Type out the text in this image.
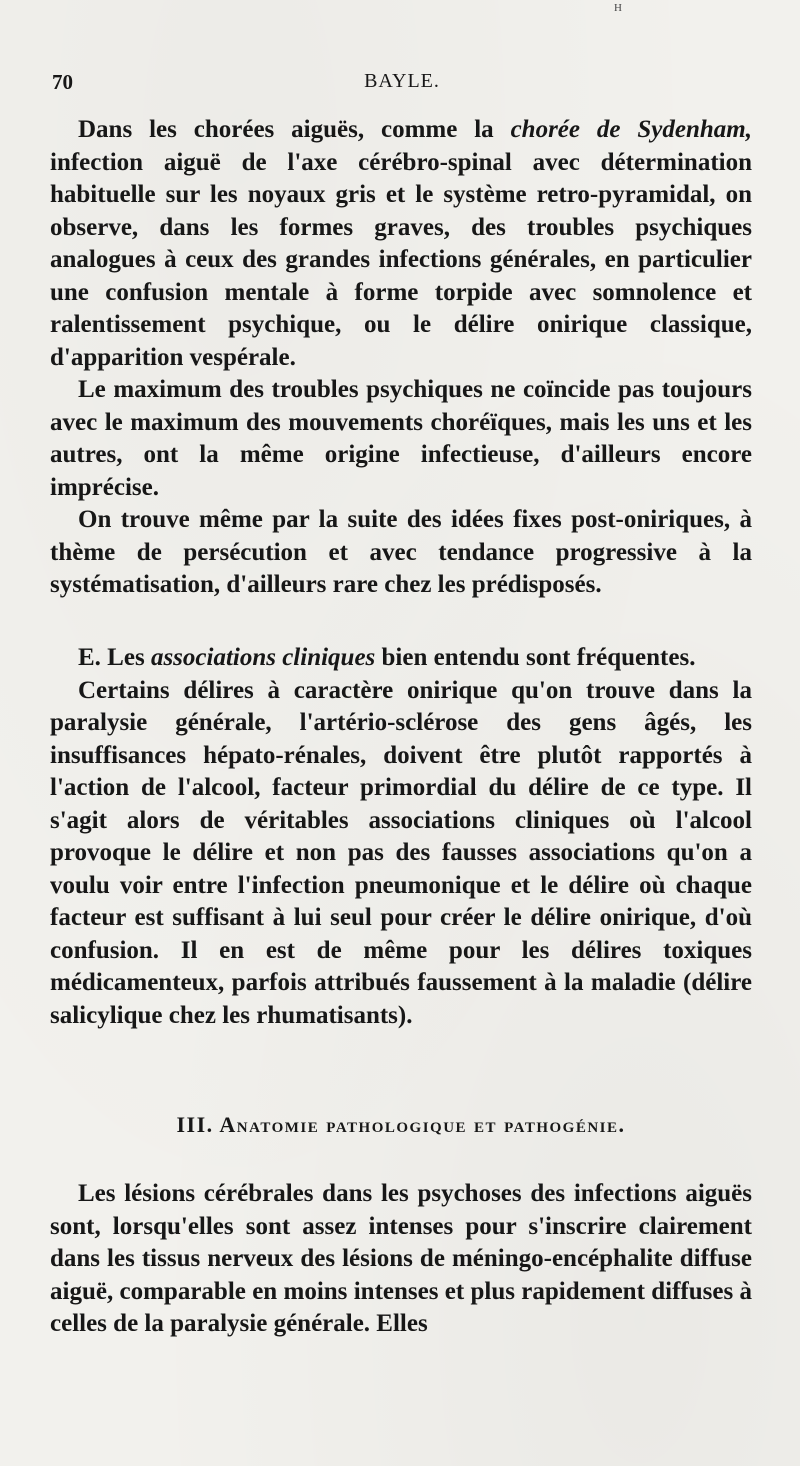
H
70	BAYLE.

Dans les chorées aiguës, comme la chorée de Sydenham, infection aiguë de l'axe cérébro-spinal avec détermination habituelle sur les noyaux gris et le système retro-pyramidal, on observe, dans les formes graves, des troubles psychiques analogues à ceux des grandes infections générales, en particulier une confusion mentale à forme torpide avec somnolence et ralentissement psychique, ou le délire onirique classique, d'apparition vespérale.

Le maximum des troubles psychiques ne coïncide pas toujours avec le maximum des mouvements choréïques, mais les uns et les autres, ont la même origine infectieuse, d'ailleurs encore imprécise.

On trouve même par la suite des idées fixes post-oniriques, à thème de persécution et avec tendance progressive à la systématisation, d'ailleurs rare chez les prédisposés.

E. Les associations cliniques bien entendu sont fréquentes.

Certains délires à caractère onirique qu'on trouve dans la paralysie générale, l'artério-sclérose des gens âgés, les insuffisances hépato-rénales, doivent être plutôt rapportés à l'action de l'alcool, facteur primordial du délire de ce type. Il s'agit alors de véritables associations cliniques où l'alcool provoque le délire et non pas des fausses associations qu'on a voulu voir entre l'infection pneumonique et le délire où chaque facteur est suffisant à lui seul pour créer le délire onirique, d'où confusion. Il en est de même pour les délires toxiques médicamenteux, parfois attribués faussement à la maladie (délire salicylique chez les rhumatisants).

III. Anatomie pathologique et pathogénie.

Les lésions cérébrales dans les psychoses des infections aiguës sont, lorsqu'elles sont assez intenses pour s'inscrire clairement dans les tissus nerveux des lésions de méningo-encéphalite diffuse aiguë, comparable en moins intenses et plus rapidement diffuses à celles de la paralysie générale. Elles
